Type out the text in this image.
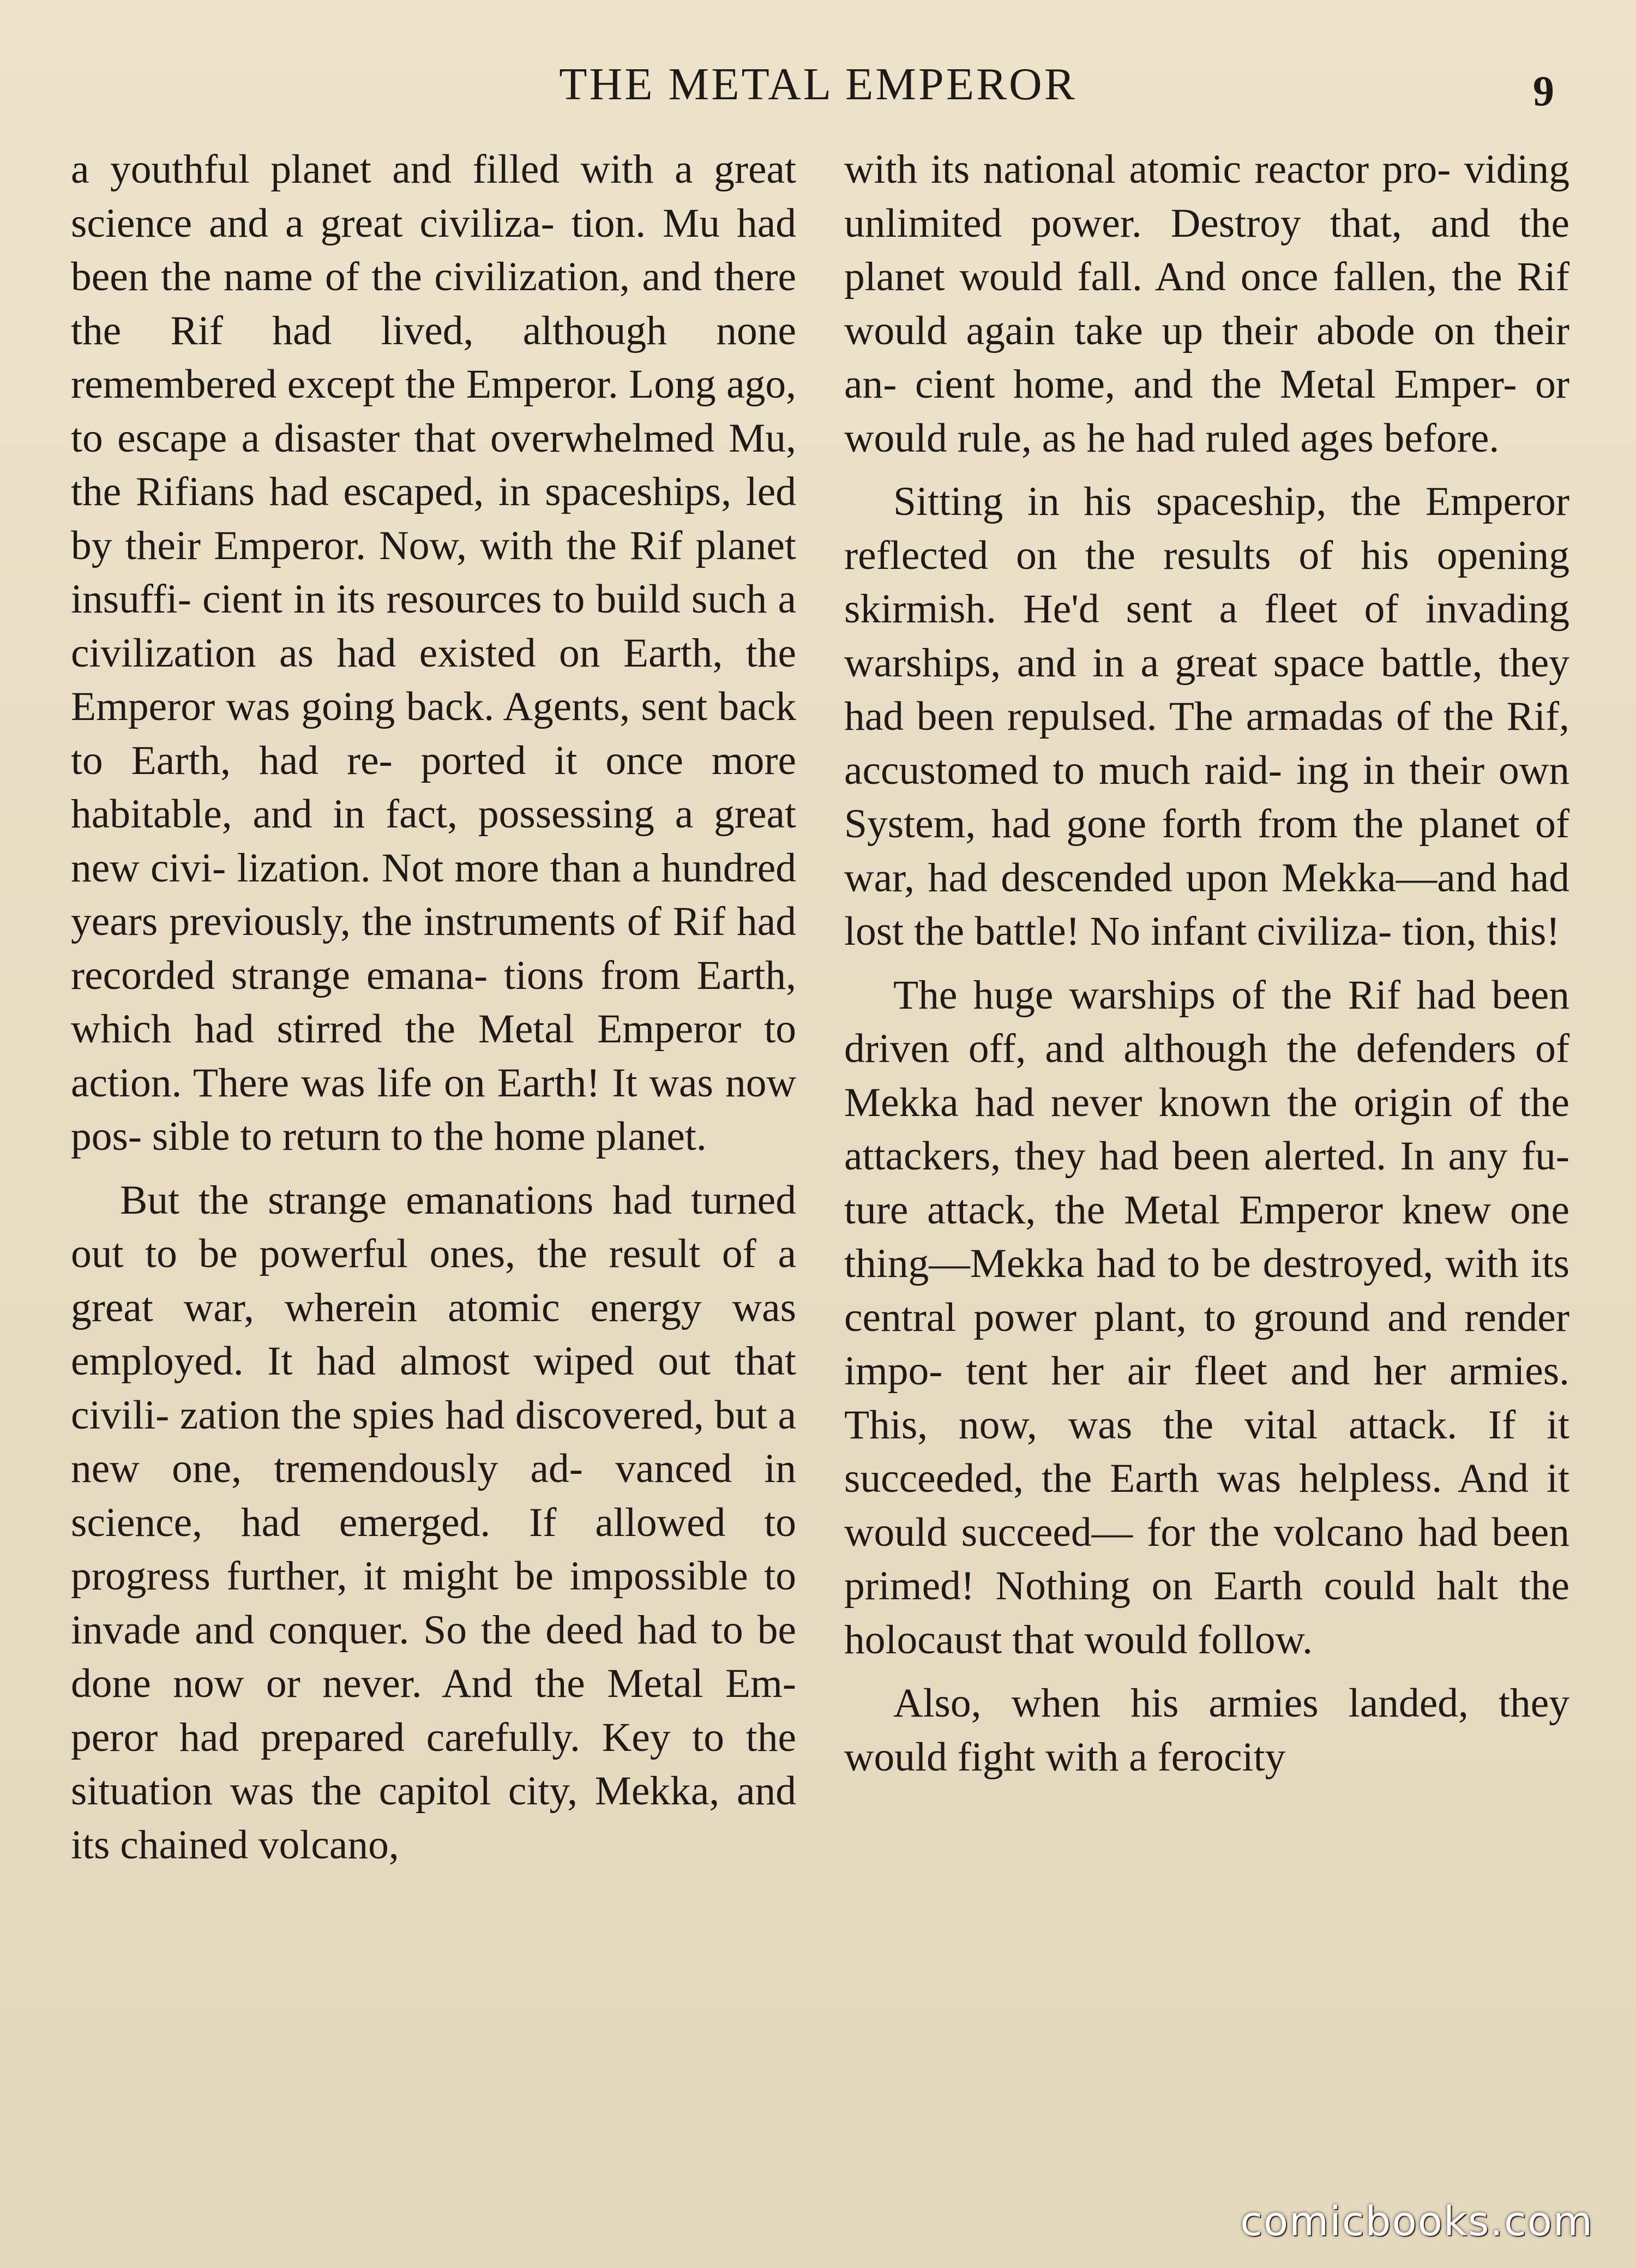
THE METAL EMPEROR	9

a youthful planet and filled with a great science and a great civiliza- tion. Mu had been the name of the civilization, and there the Rif had lived, although none remembered except the Emperor. Long ago, to escape a disaster that overwhelmed Mu, the Rifians had escaped, in spaceships, led by their Emperor. Now, with the Rif planet insuffi- cient in its resources to build such a civilization as had existed on Earth, the Emperor was going back. Agents, sent back to Earth, had re- ported it once more habitable, and in fact, possessing a great new civi- lization. Not more than a hundred years previously, the instruments of Rif had recorded strange emana- tions from Earth, which had stirred the Metal Emperor to action. There was life on Earth! It was now pos- sible to return to the home planet.

But the strange emanations had turned out to be powerful ones, the result of a great war, wherein atomic energy was employed. It had almost wiped out that civili- zation the spies had discovered, but a new one, tremendously ad- vanced in science, had emerged. If allowed to progress further, it might be impossible to invade and conquer. So the deed had to be done now or never. And the Metal Em- peror had prepared carefully. Key to the situation was the capitol city, Mekka, and its chained volcano,

with its national atomic reactor pro- viding unlimited power. Destroy that, and the planet would fall. And once fallen, the Rif would again take up their abode on their an- cient home, and the Metal Emper- or would rule, as he had ruled ages before.

Sitting in his spaceship, the Emperor reflected on the results of his opening skirmish. He'd sent a fleet of invading warships, and in a great space battle, they had been repulsed. The armadas of the Rif, accustomed to much raid- ing in their own System, had gone forth from the planet of war, had descended upon Mekka—and had lost the battle! No infant civiliza- tion, this!

The huge warships of the Rif had been driven off, and although the defenders of Mekka had never known the origin of the attackers, they had been alerted. In any fu- ture attack, the Metal Emperor knew one thing—Mekka had to be destroyed, with its central power plant, to ground and render impo- tent her air fleet and her armies. This, now, was the vital attack. If it succeeded, the Earth was helpless. And it would succeed— for the volcano had been primed! Nothing on Earth could halt the holocaust that would follow.

Also, when his armies landed, they would fight with a ferocity

comicbooks.com
